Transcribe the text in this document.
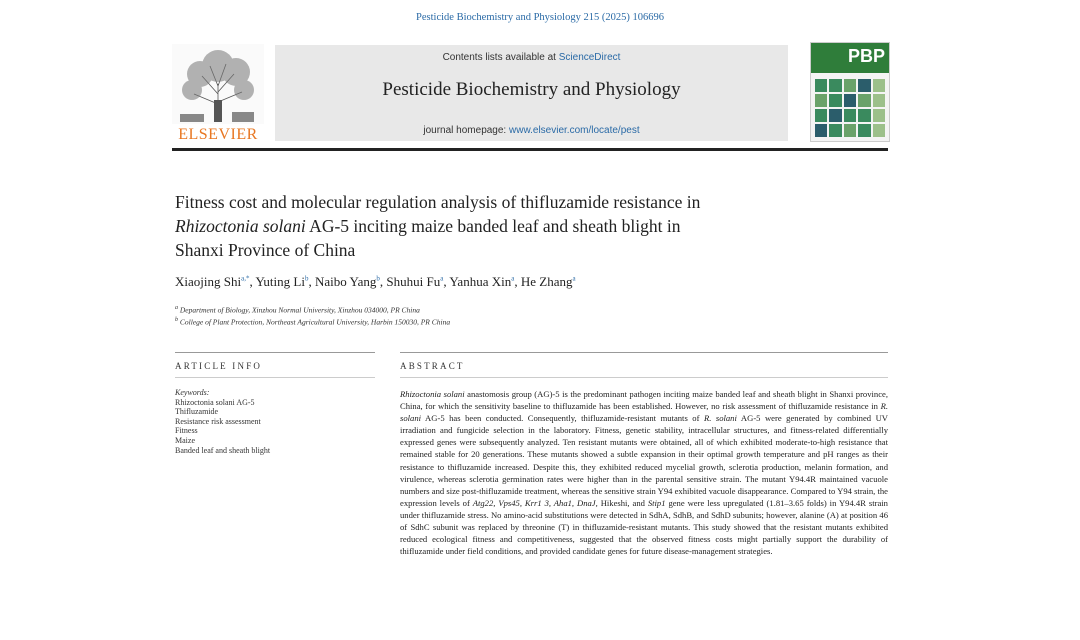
Pesticide Biochemistry and Physiology 215 (2025) 106696
ELSEVIER
Contents lists available at ScienceDirect
Pesticide Biochemistry and Physiology
journal homepage: www.elsevier.com/locate/pest
PBP
Fitness cost and molecular regulation analysis of thifluzamide resistance in
Rhizoctonia solani AG-5 inciting maize banded leaf and sheath blight in
Shanxi Province of China
Xiaojing Shi$^{a,*}$, Yuting Li$^b$, Naibo Yang$^b$, Shuhui Fu$^a$, Yanhua Xin$^a$, He Zhang$^a$
$^a$ Department of Biology, Xinzhou Normal University, Xinzhou 034000, PR China
$^b$ College of Plant Protection, Northeast Agricultural University, Harbin 150030, PR China
ARTICLE INFO	ABSTRACT
Keywords:
Rhizoctonia solani AG-5
Thifluzamide
Resistance risk assessment
Fitness
Maize
Banded leaf and sheath blight
Rhizoctonia solani anastomosis group (AG)-5 is the predominant pathogen inciting maize banded leaf and sheath blight in Shanxi province, China, for which the sensitivity baseline to thifluzamide has been established. However, no risk assessment of thifluzamide resistance in R. solani AG-5 has been conducted. Consequently, thifluzamide-resistant mutants of R. solani AG-5 were generated by combined UV irradiation and fungicide selection in the laboratory. Fitness, genetic stability, intracellular structures, and fitness-related differentially expressed genes were subsequently analyzed. Ten resistant mutants were obtained, all of which exhibited moderate-to-high resistance that remained stable for 20 generations. These mutants showed a subtle expansion in their optimal growth temperature and pH ranges as their resistance to thifluzamide increased. Despite this, they exhibited reduced mycelial growth, sclerotia production, melanin formation, and virulence, whereas sclerotia germination rates were higher than in the parental sensitive strain. The mutant Y94.4R maintained vacuole numbers and size post-thifluzamide treatment, whereas the sensitive strain Y94 exhibited vacuole disappearance. Compared to Y94 strain, the expression levels of Atg22, Vps45, Krr1 3, Aha1, DnaJ, Hikeshi, and Stip1 gene were less upregulated (1.81–3.65 folds) in Y94.4R strain under thifluzamide stress. No amino-acid substitutions were detected in SdhA, SdhB, and SdhD subunits; however, alanine (A) at position 46 of SdhC subunit was replaced by threonine (T) in thifluzamide-resistant mutants. This study showed that the resistant mutants exhibited reduced ecological fitness and competitiveness, suggested that the observed fitness costs might partially support the durability of thifluzamide under field conditions, and provided candidate genes for future disease-management strategies.
